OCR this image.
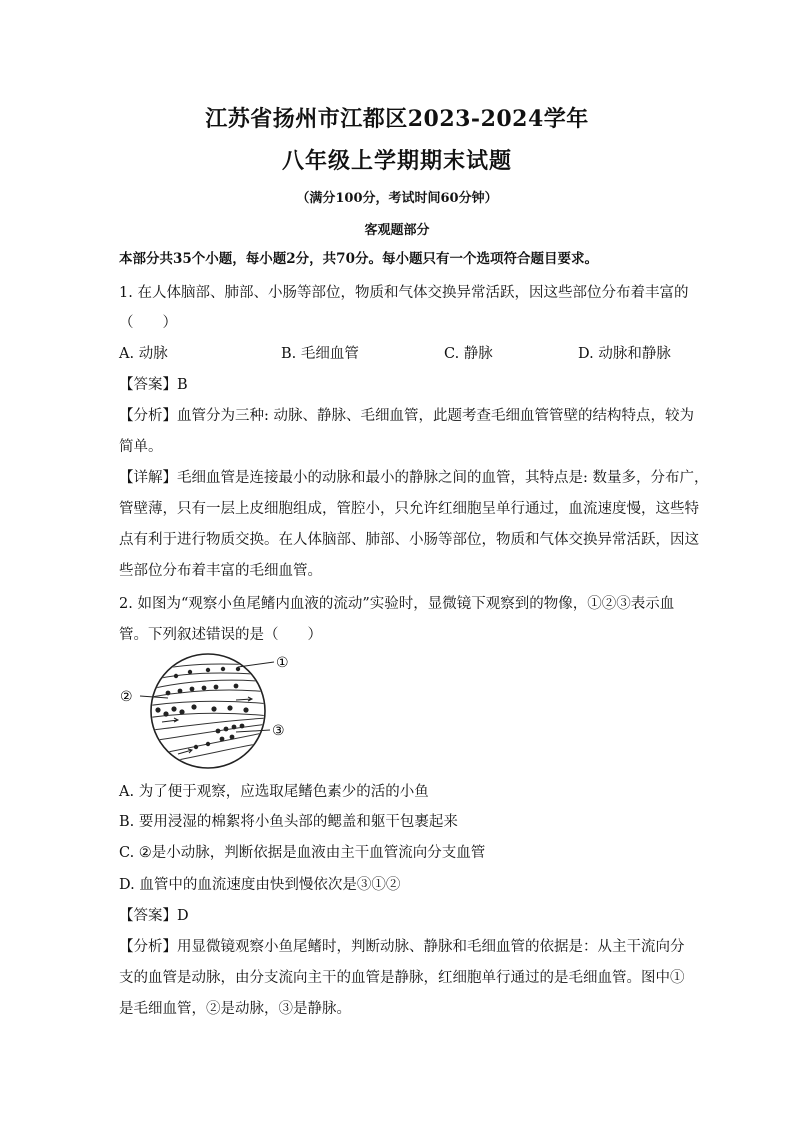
江苏省扬州市江都区2023-2024学年
八年级上学期期末试题
（满分100分，考试时间60分钟）
客观题部分
本部分共35个小题，每小题2分，共70分。每小题只有一个选项符合题目要求。
1. 在人体脑部、肺部、小肠等部位，物质和气体交换异常活跃，因这些部位分布着丰富的
（　　）
A. 动脉	B. 毛细血管	C. 静脉	D. 动脉和静脉
【答案】B
【分析】血管分为三种: 动脉、静脉、毛细血管，此题考查毛细血管管壁的结构特点，较为
简单。
【详解】毛细血管是连接最小的动脉和最小的静脉之间的血管，其特点是: 数量多，分布广，
管壁薄，只有一层上皮细胞组成，管腔小，只允许红细胞呈单行通过，血流速度慢，这些特
点有利于进行物质交换。在人体脑部、肺部、小肠等部位，物质和气体交换异常活跃，因这
些部位分布着丰富的毛细血管。
2. 如图为“观察小鱼尾鳍内血液的流动”实验时，显微镜下观察到的物像，①②③表示血
管。下列叙述错误的是（　　）
①
②
③
A. 为了便于观察，应选取尾鳍色素少的活的小鱼
B. 要用浸湿的棉絮将小鱼头部的鳃盖和躯干包裹起来
C. ②是小动脉，判断依据是血液由主干血管流向分支血管
D. 血管中的血流速度由快到慢依次是③①②
【答案】D
【分析】用显微镜观察小鱼尾鳍时，判断动脉、静脉和毛细血管的依据是：从主干流向分
支的血管是动脉，由分支流向主干的血管是静脉，红细胞单行通过的是毛细血管。图中①
是毛细血管，②是动脉，③是静脉。
